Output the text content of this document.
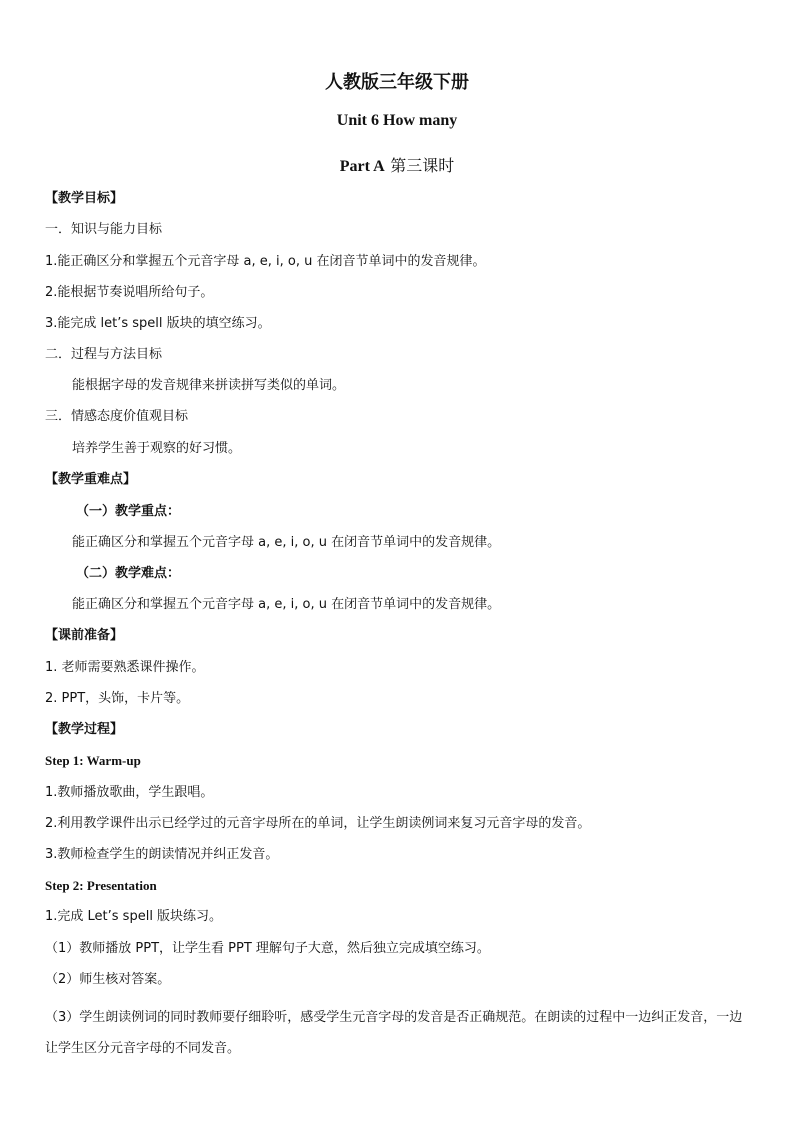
人教版三年级下册
Unit 6 How many
Part A 第三课时
【教学目标】
一．知识与能力目标
1.能正确区分和掌握五个元音字母 a, e, i, o, u 在闭音节单词中的发音规律。
2.能根据节奏说唱所给句子。
3.能完成 let’s spell 版块的填空练习。
二．过程与方法目标
能根据字母的发音规律来拼读拼写类似的单词。
三．情感态度价值观目标
培养学生善于观察的好习惯。
【教学重难点】
（一）教学重点：
能正确区分和掌握五个元音字母 a, e, i, o, u 在闭音节单词中的发音规律。
（二）教学难点：
能正确区分和掌握五个元音字母 a, e, i, o, u 在闭音节单词中的发音规律。
【课前准备】
1. 老师需要熟悉课件操作。
2. PPT，头饰，卡片等。
【教学过程】
Step 1: Warm-up
1.教师播放歌曲，学生跟唱。
2.利用教学课件出示已经学过的元音字母所在的单词，让学生朗读例词来复习元音字母的发音。
3.教师检查学生的朗读情况并纠正发音。
Step 2: Presentation
1.完成 Let’s spell 版块练习。
（1）教师播放 PPT，让学生看 PPT 理解句子大意，然后独立完成填空练习。
（2）师生核对答案。
（3）学生朗读例词的同时教师要仔细聆听，感受学生元音字母的发音是否正确规范。在朗读的过程中一边纠正发音，一边让学生区分元音字母的不同发音。
